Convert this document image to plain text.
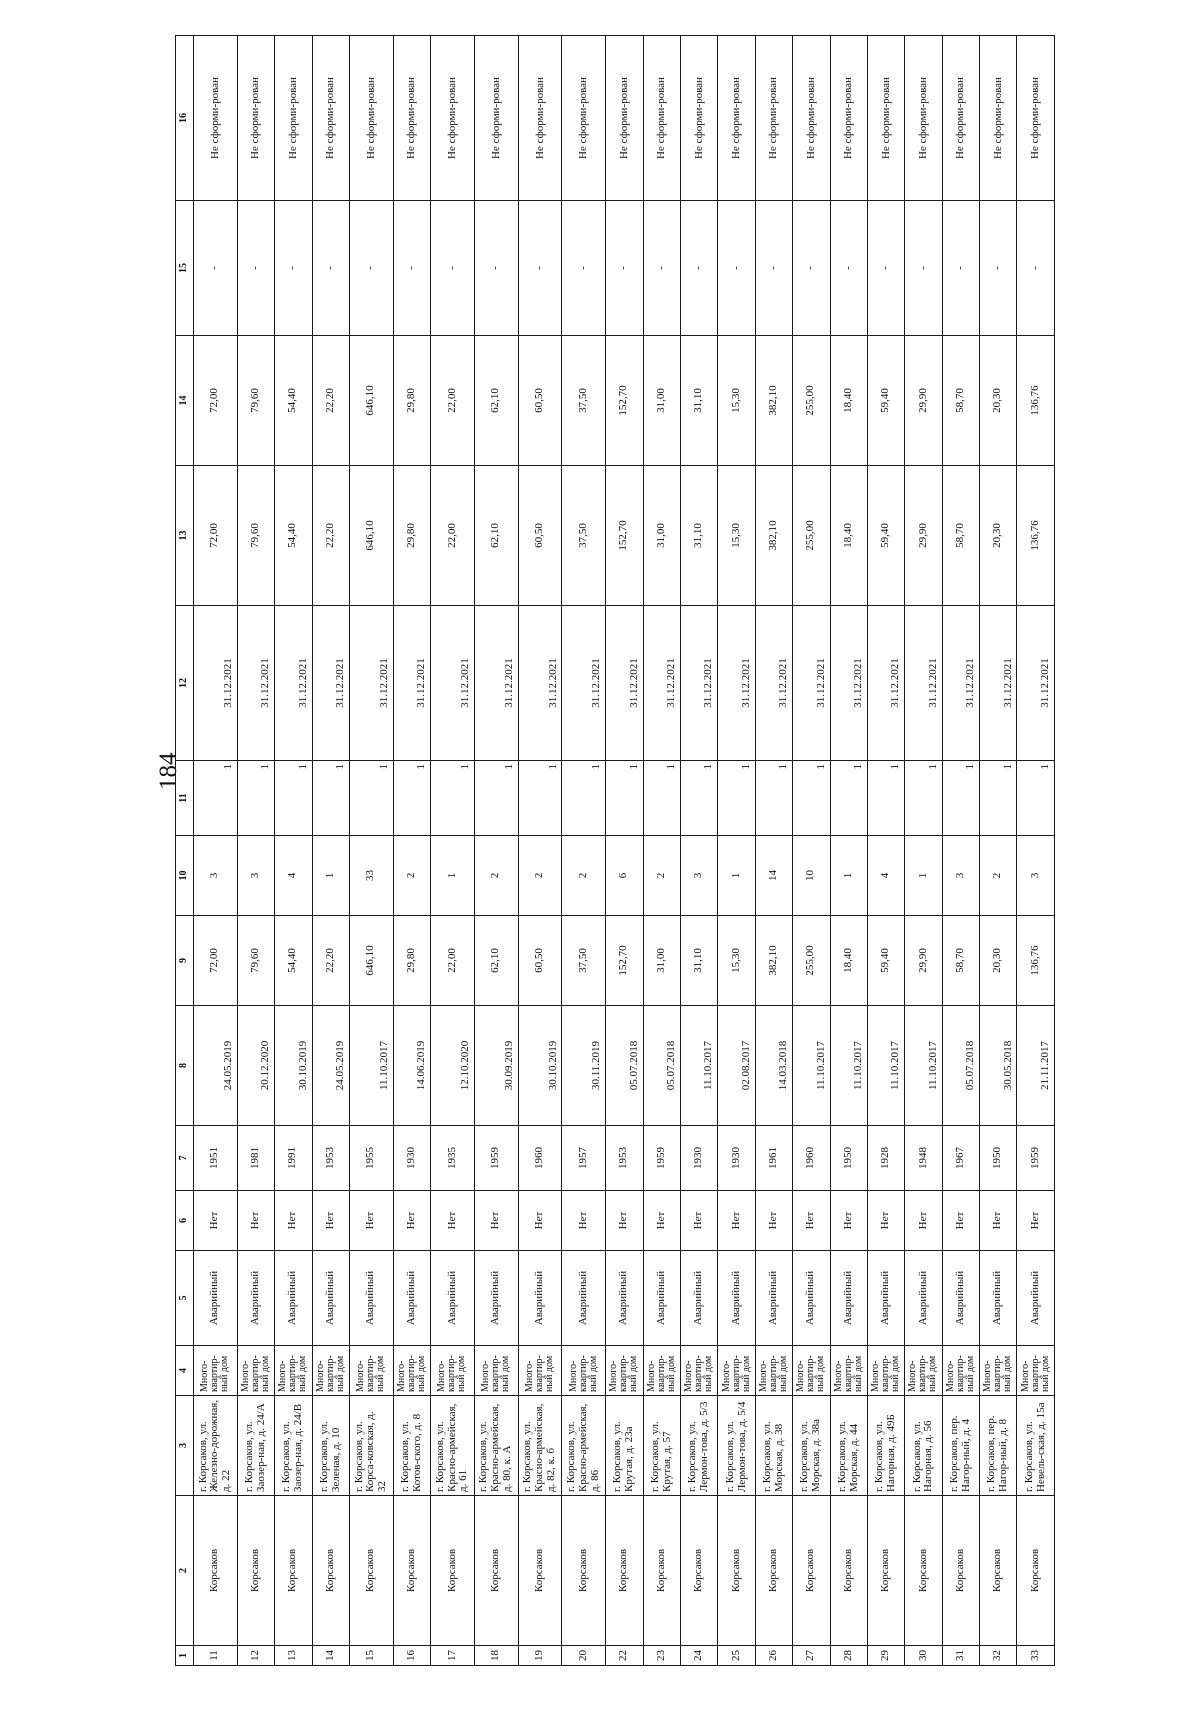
184
1	2	3	4	5	6	7	8	9	10	11	12	13	14	15	16
11	Корсаков	г. Корсаков, ул. Железно-дорожная, д. 22	Много-квартир-ный дом	Аварийный	Нет	1951	24.05.2019	72,00	3	1	31.12.2021	72,00	72,00	-	Не сформи-рован
12	Корсаков	г. Корсаков, ул. Заозер-ная, д. 24/А	Много-квартир-ный дом	Аварийный	Нет	1981	20.12.2020	79,60	3	1	31.12.2021	79,60	79,60	-	Не сформи-рован
13	Корсаков	г. Корсаков, ул. Заозер-ная, д. 24/В	Много-квартир-ный дом	Аварийный	Нет	1991	30.10.2019	54,40	4	1	31.12.2021	54,40	54,40	-	Не сформи-рован
14	Корсаков	г. Корсаков, ул. Зеленая, д. 10	Много-квартир-ный дом	Аварийный	Нет	1953	24.05.2019	22,20	1	1	31.12.2021	22,20	22,20	-	Не сформи-рован
15	Корсаков	г. Корсаков, ул. Корса-ковская, д. 32	Много-квартир-ный дом	Аварийный	Нет	1955	11.10.2017	646,10	33	1	31.12.2021	646,10	646,10	-	Не сформи-рован
16	Корсаков	г. Корсаков, ул. Котов-ского, д. 8	Много-квартир-ный дом	Аварийный	Нет	1930	14.06.2019	29,80	2	1	31.12.2021	29,80	29,80	-	Не сформи-рован
17	Корсаков	г. Корсаков, ул. Красно-армейская, д. 61	Много-квартир-ный дом	Аварийный	Нет	1935	12.10.2020	22,00	1	1	31.12.2021	22,00	22,00	-	Не сформи-рован
18	Корсаков	г. Корсаков, ул. Красно-армейская, д. 80, к. А	Много-квартир-ный дом	Аварийный	Нет	1959	30.09.2019	62,10	2	1	31.12.2021	62,10	62,10	-	Не сформи-рован
19	Корсаков	г. Корсаков, ул. Красно-армейская, д. 82, к. б	Много-квартир-ный дом	Аварийный	Нет	1960	30.10.2019	60,50	2	1	31.12.2021	60,50	60,50	-	Не сформи-рован
20	Корсаков	г. Корсаков, ул. Красно-армейская, д. 86	Много-квартир-ный дом	Аварийный	Нет	1957	30.11.2019	37,50	2	1	31.12.2021	37,50	37,50	-	Не сформи-рован
22	Корсаков	г. Корсаков, ул. Крутая, д. 23а	Много-квартир-ный дом	Аварийный	Нет	1953	05.07.2018	152,70	6	1	31.12.2021	152,70	152,70	-	Не сформи-рован
23	Корсаков	г. Корсаков, ул. Крутая, д. 57	Много-квартир-ный дом	Аварийный	Нет	1959	05.07.2018	31,00	2	1	31.12.2021	31,00	31,00	-	Не сформи-рован
24	Корсаков	г. Корсаков, ул. Лермон-това, д. 5/3	Много-квартир-ный дом	Аварийный	Нет	1930	11.10.2017	31,10	3	1	31.12.2021	31,10	31,10	-	Не сформи-рован
25	Корсаков	г. Корсаков, ул. Лермон-това, д. 5/4	Много-квартир-ный дом	Аварийный	Нет	1930	02.08.2017	15,30	1	1	31.12.2021	15,30	15,30	-	Не сформи-рован
26	Корсаков	г. Корсаков, ул. Морская, д. 38	Много-квартир-ный дом	Аварийный	Нет	1961	14.03.2018	382,10	14	1	31.12.2021	382,10	382,10	-	Не сформи-рован
27	Корсаков	г. Корсаков, ул. Морская, д. 38а	Много-квартир-ный дом	Аварийный	Нет	1960	11.10.2017	255,00	10	1	31.12.2021	255,00	255,00	-	Не сформи-рован
28	Корсаков	г. Корсаков, ул. Морская, д. 44	Много-квартир-ный дом	Аварийный	Нет	1950	11.10.2017	18,40	1	1	31.12.2021	18,40	18,40	-	Не сформи-рован
29	Корсаков	г. Корсаков, ул. Нагорная, д. 49Б	Много-квартир-ный дом	Аварийный	Нет	1928	11.10.2017	59,40	4	1	31.12.2021	59,40	59,40	-	Не сформи-рован
30	Корсаков	г. Корсаков, ул. Нагорная, д. 56	Много-квартир-ный дом	Аварийный	Нет	1948	11.10.2017	29,90	1	1	31.12.2021	29,90	29,90	-	Не сформи-рован
31	Корсаков	г. Корсаков, пер. Нагор-ный, д. 4	Много-квартир-ный дом	Аварийный	Нет	1967	05.07.2018	58,70	3	1	31.12.2021	58,70	58,70	-	Не сформи-рован
32	Корсаков	г. Корсаков, пер. Нагор-ный, д. 8	Много-квартир-ный дом	Аварийный	Нет	1950	30.05.2018	20,30	2	1	31.12.2021	20,30	20,30	-	Не сформи-рован
33	Корсаков	г. Корсаков, ул. Невель-ская, д. 15а	Много-квартир-ный дом	Аварийный	Нет	1959	21.11.2017	136,76	3	1	31.12.2021	136,76	136,76	-	Не сформи-рован
